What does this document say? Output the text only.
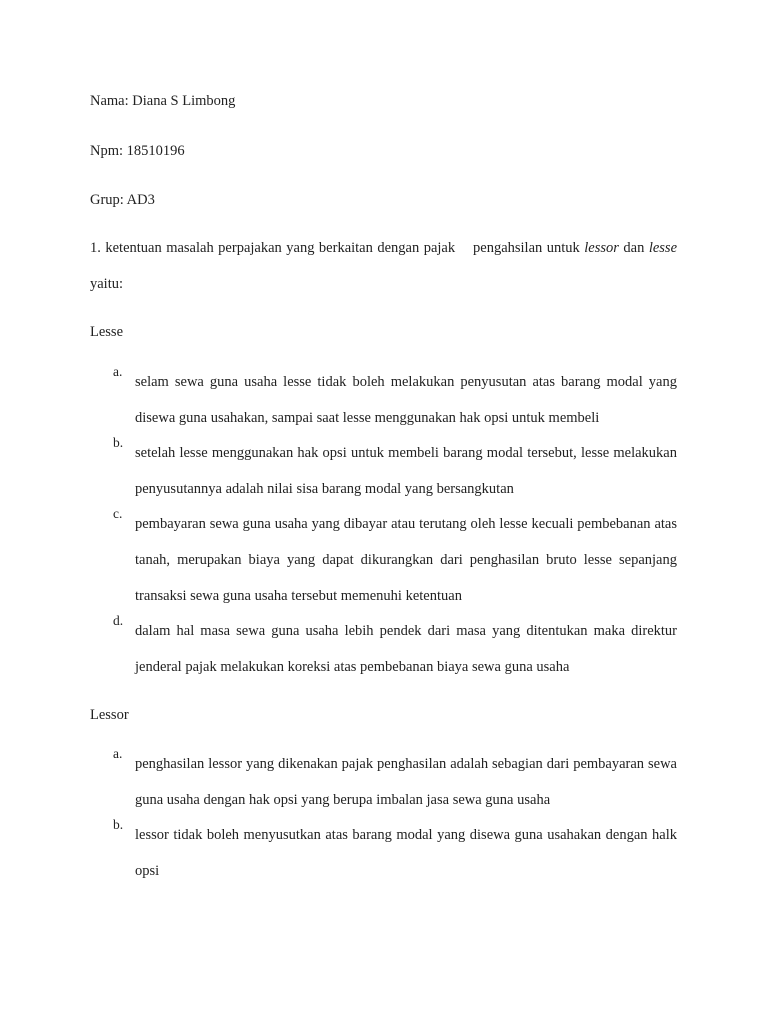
Nama: Diana S Limbong
Npm: 18510196
Grup: AD3
1. ketentuan masalah perpajakan yang berkaitan dengan pajak    pengahsilan untuk lessor dan lesse yaitu:
Lesse
a.
selam sewa guna usaha lesse tidak boleh melakukan penyusutan atas barang modal yang disewa guna usahakan, sampai saat lesse menggunakan hak opsi untuk membeli
b.
setelah lesse menggunakan hak opsi untuk membeli barang modal tersebut, lesse melakukan penyusutannya adalah nilai sisa barang modal yang bersangkutan
c.
pembayaran sewa guna usaha yang dibayar atau terutang oleh lesse kecuali pembebanan atas tanah, merupakan biaya yang dapat dikurangkan dari penghasilan bruto lesse sepanjang transaksi sewa guna usaha tersebut memenuhi ketentuan
d.
dalam hal masa sewa guna usaha lebih pendek dari masa yang ditentukan maka direktur jenderal pajak melakukan koreksi atas pembebanan biaya sewa guna usaha
Lessor
a.
penghasilan lessor yang dikenakan pajak penghasilan adalah sebagian dari pembayaran sewa guna usaha dengan hak opsi yang berupa imbalan jasa sewa guna usaha
b.
lessor tidak boleh menyusutkan atas barang modal yang disewa guna usahakan dengan halk opsi
